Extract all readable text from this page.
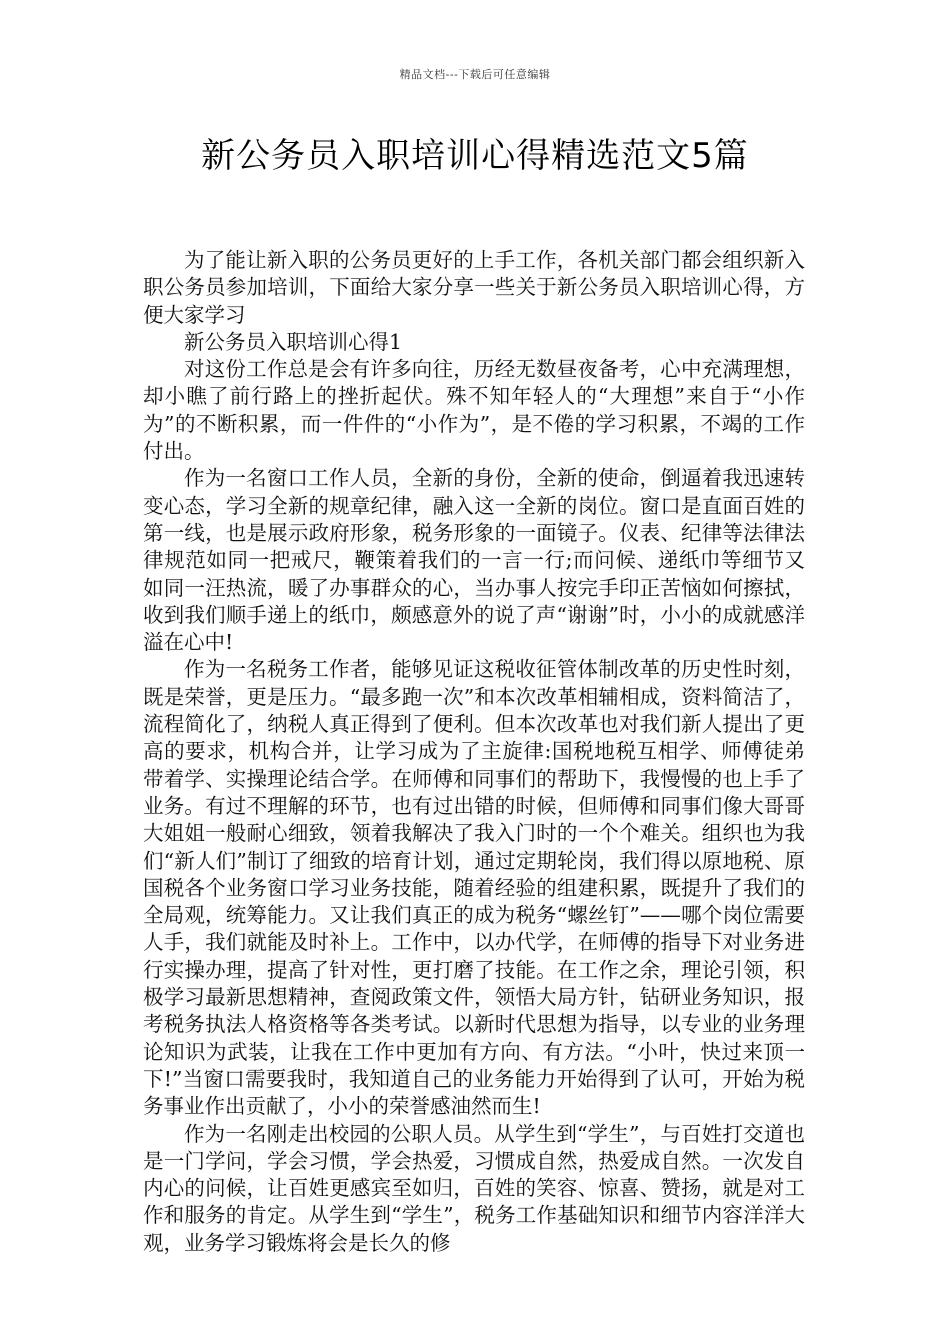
精品文档---下载后可任意编辑
新公务员入职培训心得精选范文5篇

为了能让新入职的公务员更好的上手工作，各机关部门都会组织新入职公务员参加培训，下面给大家分享一些关于新公务员入职培训心得，方便大家学习

新公务员入职培训心得1

对这份工作总是会有许多向往，历经无数昼夜备考，心中充满理想，却小瞧了前行路上的挫折起伏。殊不知年轻人的“大理想”来自于“小作为”的不断积累，而一件件的“小作为”，是不倦的学习积累，不竭的工作付出。

作为一名窗口工作人员，全新的身份，全新的使命，倒逼着我迅速转变心态，学习全新的规章纪律，融入这一全新的岗位。窗口是直面百姓的第一线，也是展示政府形象，税务形象的一面镜子。仪表、纪律等法律法律规范如同一把戒尺，鞭策着我们的一言一行;而问候、递纸巾等细节又如同一汪热流，暖了办事群众的心，当办事人按完手印正苦恼如何擦拭，收到我们顺手递上的纸巾，颇感意外的说了声“谢谢”时，小小的成就感洋溢在心中!

作为一名税务工作者，能够见证这税收征管体制改革的历史性时刻，既是荣誉，更是压力。“最多跑一次”和本次改革相辅相成，资料简洁了，流程简化了，纳税人真正得到了便利。但本次改革也对我们新人提出了更高的要求，机构合并，让学习成为了主旋律:国税地税互相学、师傅徒弟带着学、实操理论结合学。在师傅和同事们的帮助下，我慢慢的也上手了业务。有过不理解的环节，也有过出错的时候，但师傅和同事们像大哥哥大姐姐一般耐心细致，领着我解决了我入门时的一个个难关。组织也为我们“新人们”制订了细致的培育计划，通过定期轮岗，我们得以原地税、原国税各个业务窗口学习业务技能，随着经验的组建积累，既提升了我们的全局观，统筹能力。又让我们真正的成为税务“螺丝钉”——哪个岗位需要人手，我们就能及时补上。工作中，以办代学，在师傅的指导下对业务进行实操办理，提高了针对性，更打磨了技能。在工作之余，理论引领，积极学习最新思想精神，查阅政策文件，领悟大局方针，钻研业务知识，报考税务执法人格资格等各类考试。以新时代思想为指导，以专业的业务理论知识为武装，让我在工作中更加有方向、有方法。“小叶，快过来顶一下!”当窗口需要我时，我知道自己的业务能力开始得到了认可，开始为税务事业作出贡献了，小小的荣誉感油然而生!

作为一名刚走出校园的公职人员。从学生到“学生”，与百姓打交道也是一门学问，学会习惯，学会热爱，习惯成自然，热爱成自然。一次发自内心的问候，让百姓更感宾至如归，百姓的笑容、惊喜、赞扬，就是对工作和服务的肯定。从学生到“学生”，税务工作基础知识和细节内容洋洋大观，业务学习锻炼将会是长久的修
